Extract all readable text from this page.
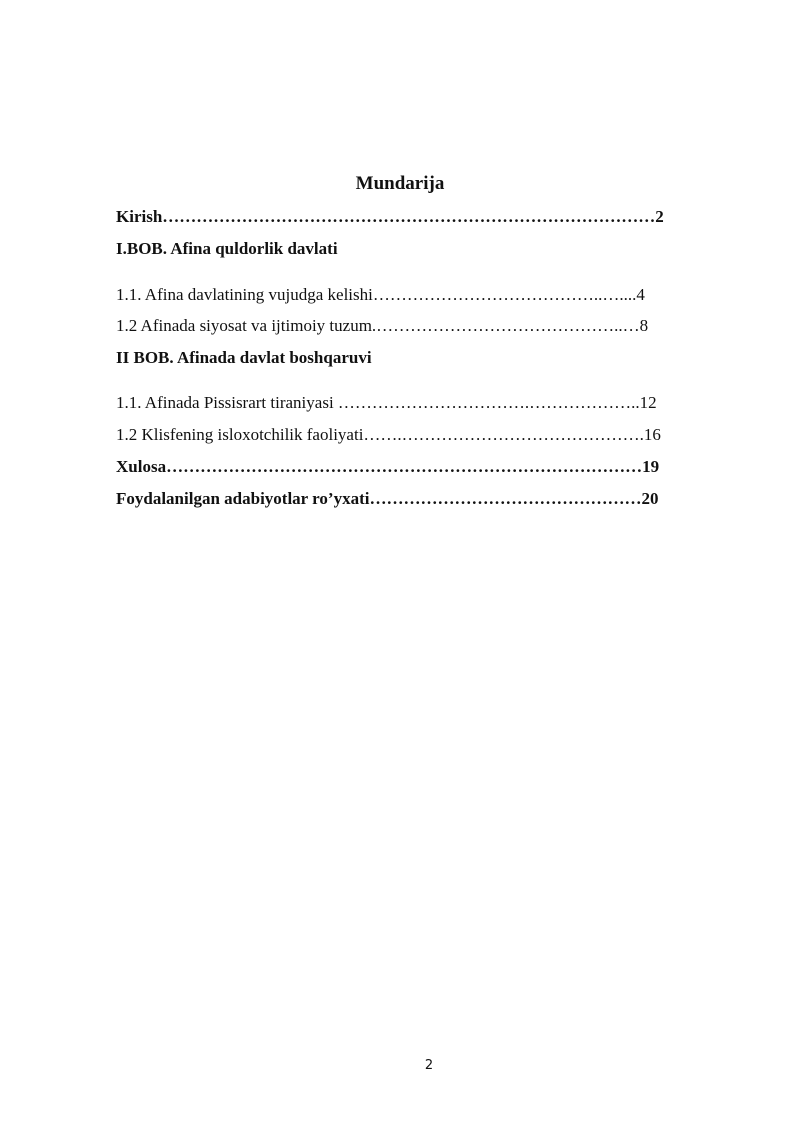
Mundarija
Kirish……………………………………………………………………………2
I.BOB. Afina quldorlik davlati
1.1. Afina davlatining vujudga kelishi…………………………………..…....4
1.2 Afinada siyosat va ijtimoiy tuzum.……………………………………..…8
II BOB. Afinada davlat boshqaruvi
1.1. Afinada Pissisrart tiraniyasi …………………………….………………..12
1.2 Klisfening isloxotchilik faoliyati…….…………………………………….16
Xulosa…………………………………………………………………………19
Foydalanilgan adabiyotlar ro’yxati…………………………………………20
2
